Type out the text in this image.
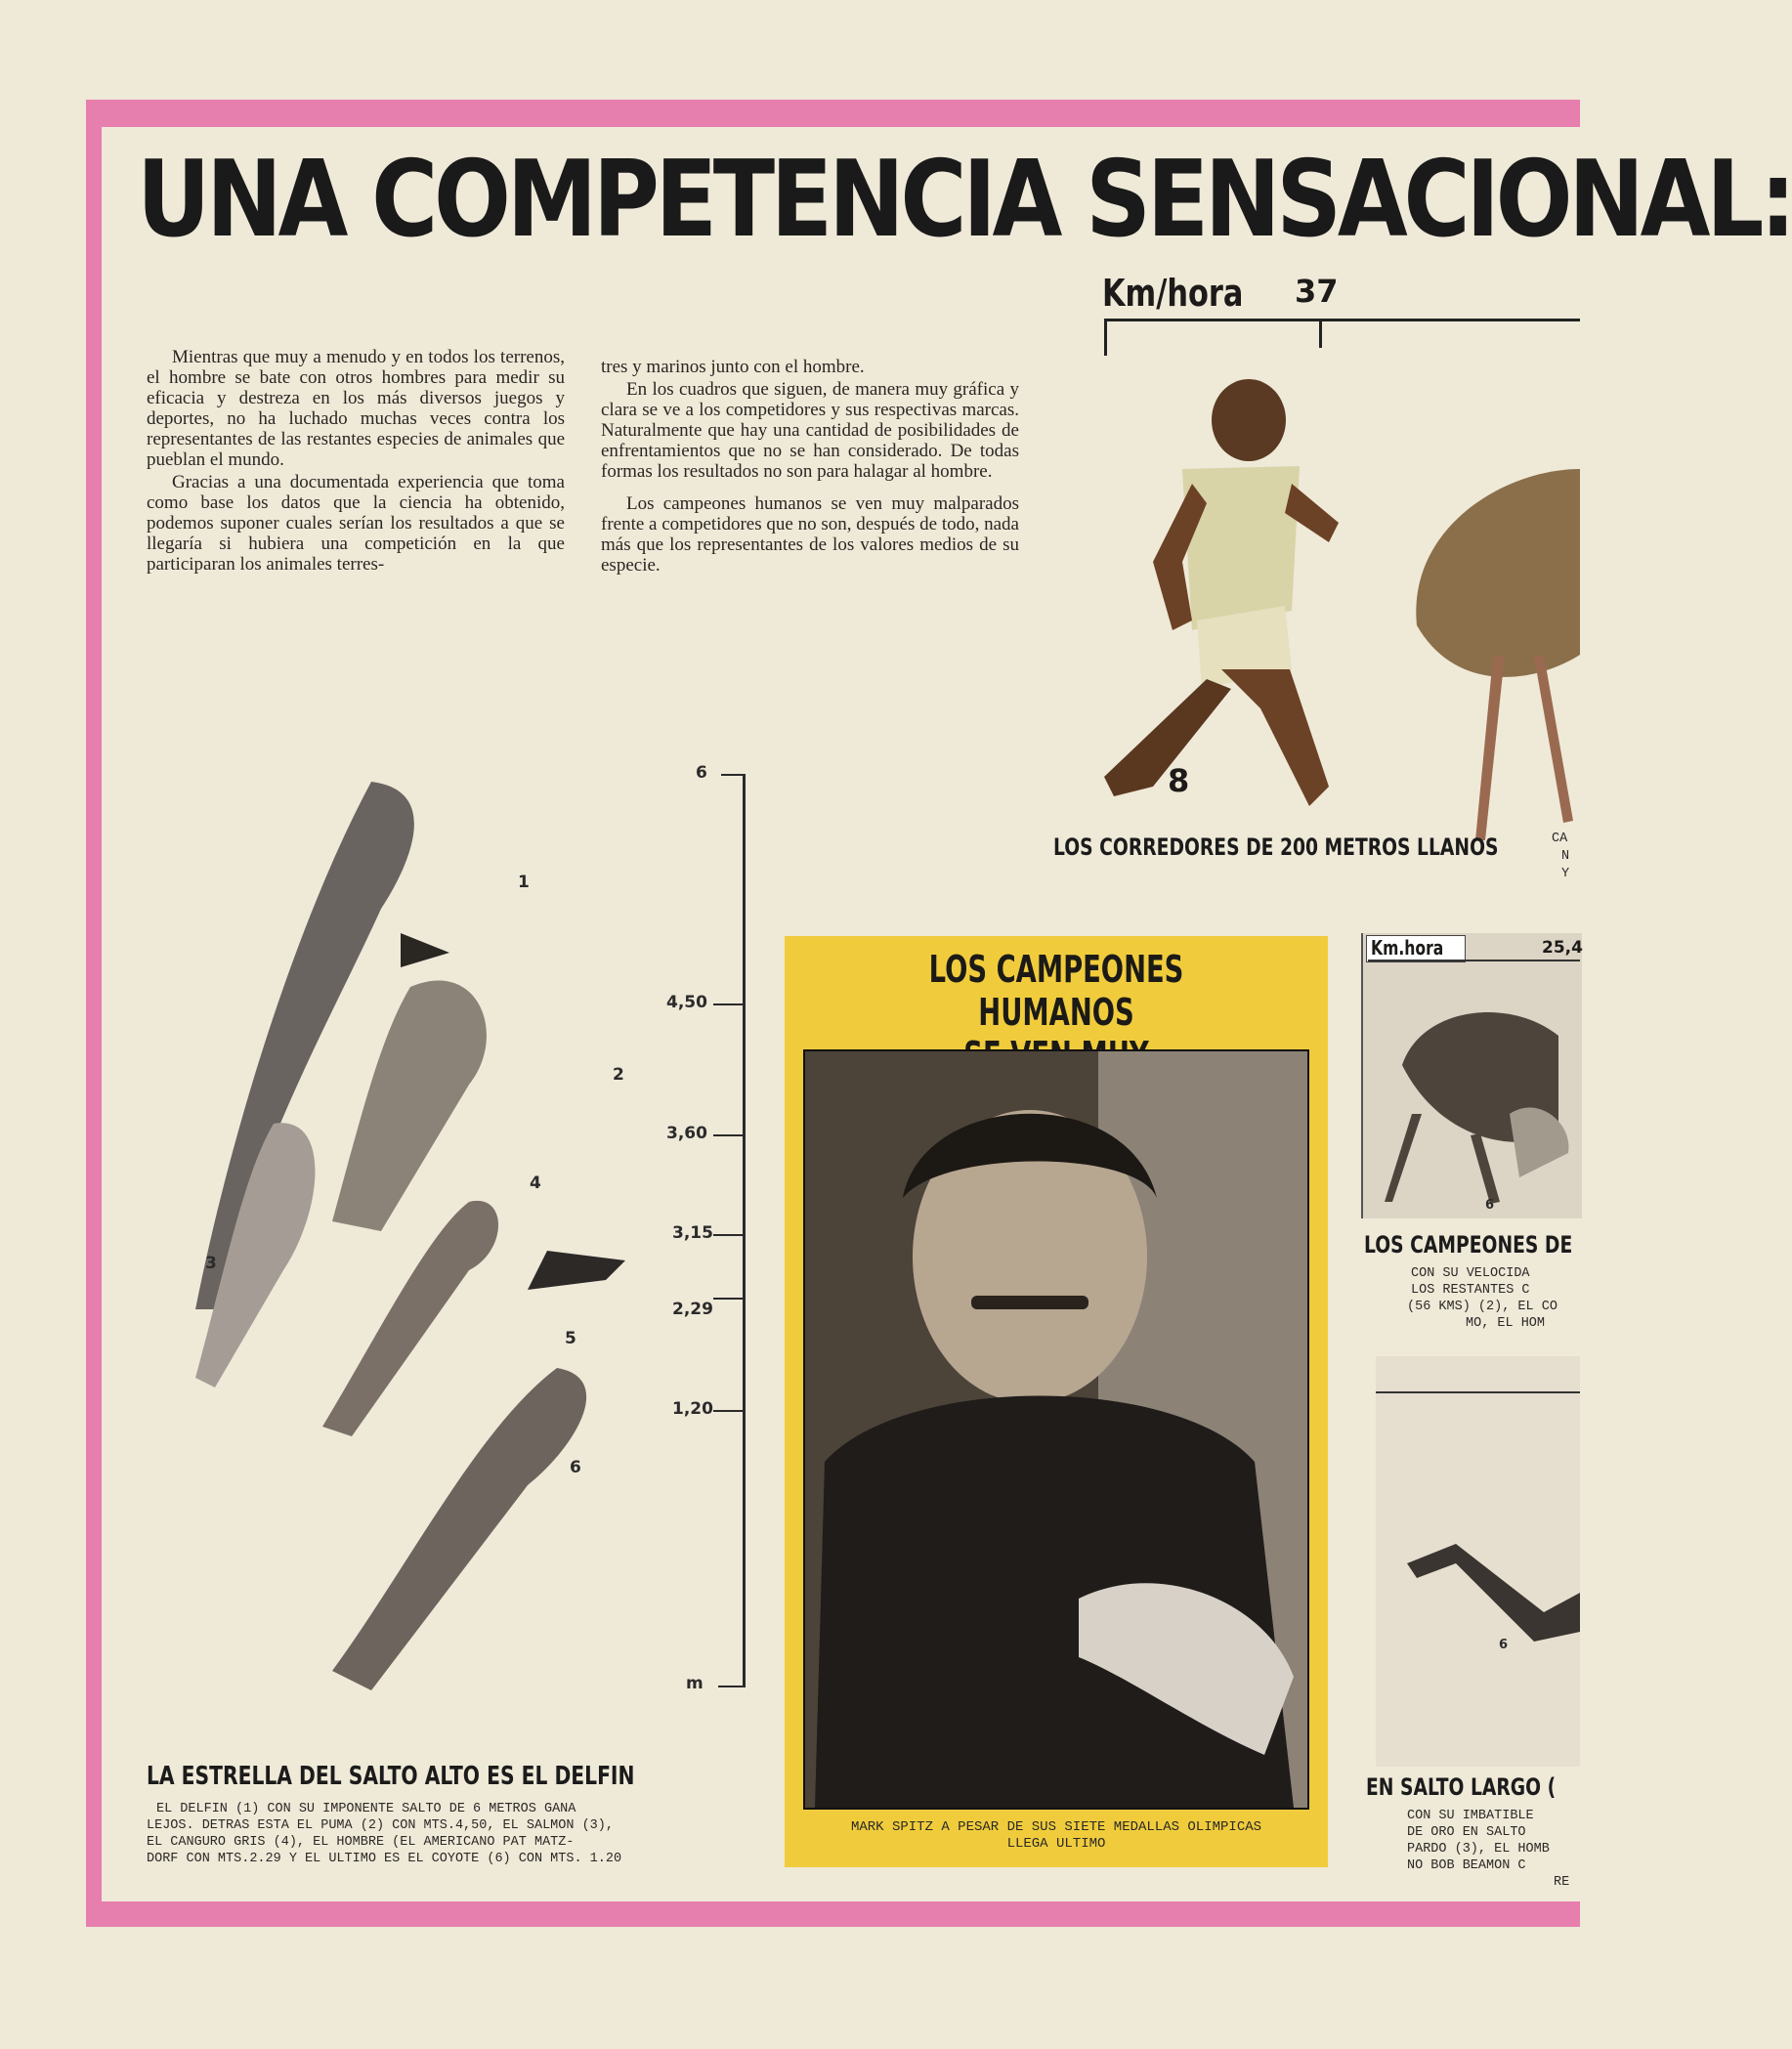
UNA COMPETENCIA SENSACIONAL:
Km/hora 37
8
LOS CORREDORES DE 200 METROS LLANOS	CA
N
Y

Mientras que muy a menudo y en todos los terrenos, el hombre se bate con otros hombres para medir su eficacia y destreza en los más diversos juegos y deportes, no ha luchado muchas veces contra los representantes de las restantes especies de animales que pueblan el mundo.

Gracias a una documentada experiencia que toma como base los datos que la ciencia ha obtenido, podemos suponer cuales serían los resultados a que se llegaría si hubiera una competición en la que participaran los animales terres-

tres y marinos junto con el hombre.

En los cuadros que siguen, de manera muy gráfica y clara se ve a los competidores y sus respectivas marcas. Naturalmente que hay una cantidad de posibilidades de enfrentamientos que no se han considerado. De todas formas los resultados no son para halagar al hombre.

Los campeones humanos se ven muy malparados frente a competidores que no son, después de todo, nada más que los representantes de los valores medios de su especie.

1
2
3
4
5
6
6
4,50
3,60
3,15
2,29
1,20
m
LA ESTRELLA DEL SALTO ALTO ES EL DELFIN
EL DELFIN (1) CON SU IMPONENTE SALTO DE 6 METROS GANA
LEJOS. DETRAS ESTA EL PUMA (2) CON MTS.4,50, EL SALMON (3),
EL CANGURO GRIS (4), EL HOMBRE (EL AMERICANO PAT MATZ-
DORF CON MTS.2.29 Y EL ULTIMO ES EL COYOTE (6) CON MTS. 1.20
LOS CAMPEONES HUMANOS
MARK SPITZ A PESAR DE SUS SIETE MEDALLAS OLIMPICAS
LLEGA ULTIMO
Km.hora	25,4
6
LOS CAMPEONES DE
CON SU VELOCIDA
LOS RESTANTES C
(56 KMS) (2), EL CO
MO, EL HOM
6
EN SALTO LARGO (
CON SU IMBATIBLE
DE ORO EN SALTO
PARDO (3), EL HOMB
NO BOB BEAMON C
RE
